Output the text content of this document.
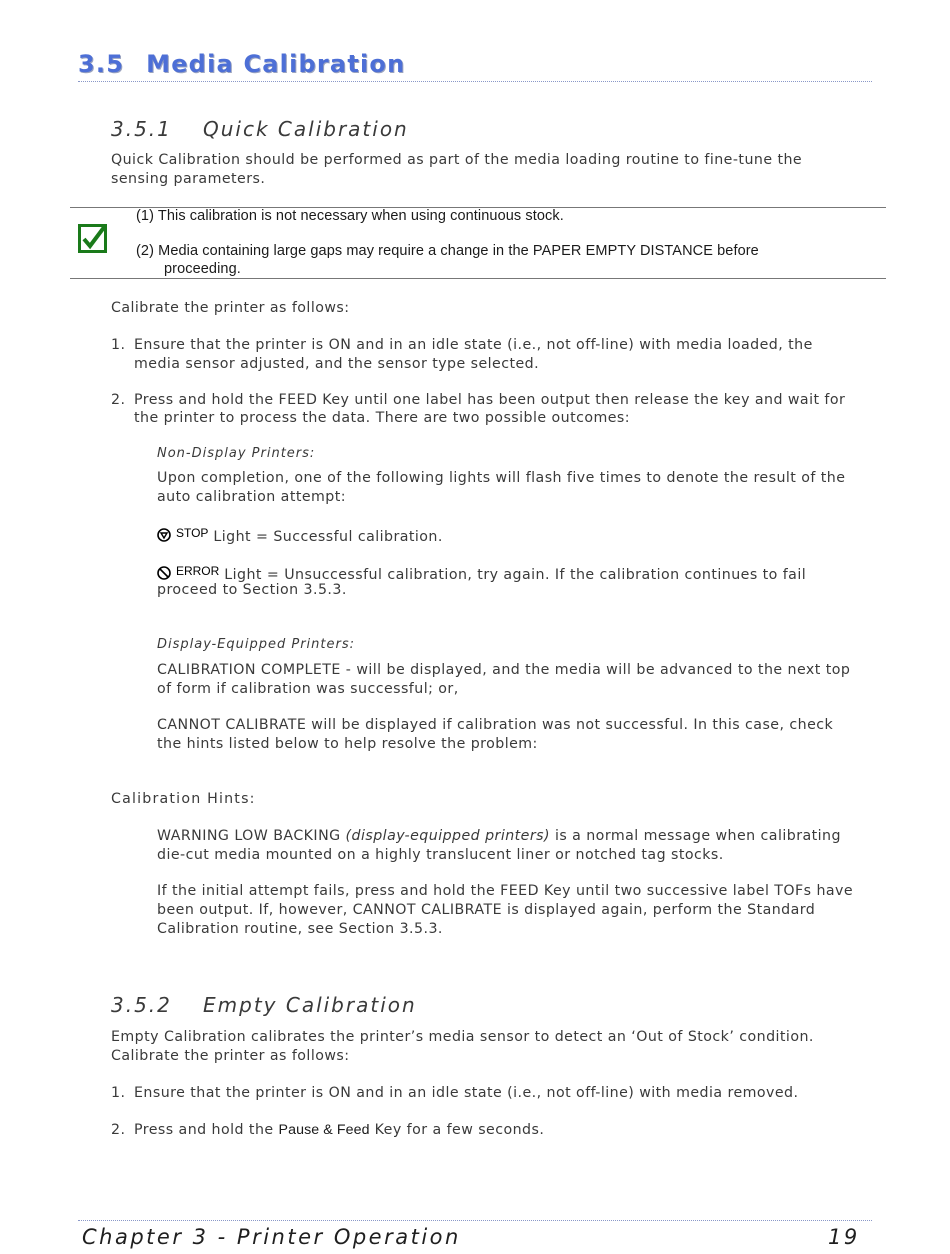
3.5 Media Calibration
3.5.1 Quick Calibration

Quick Calibration should be performed as part of the media loading routine to fine-tune the

sensing parameters.

(1) This calibration is not necessary when using continuous stock.
(2) Media containing large gaps may require a change in the PAPER EMPTY DISTANCE before
proceeding.

Calibrate the printer as follows:

1. Ensure that the printer is ON and in an idle state (i.e., not off-line) with media loaded, the

media sensor adjusted, and the sensor type selected.

2. Press and hold the FEED Key until one label has been output then release the key and wait for

the printer to process the data. There are two possible outcomes:

Non-Display Printers:

Upon completion, one of the following lights will flash five times to denote the result of the

auto calibration attempt:

$^{STOP}$ Light = Successful calibration.
$^{ERROR}$ Light = Unsuccessful calibration, try again. If the calibration continues to fail

proceed to Section 3.5.3.

Display-Equipped Printers:

CALIBRATION COMPLETE - will be displayed, and the media will be advanced to the next top

of form if calibration was successful; or,

CANNOT CALIBRATE will be displayed if calibration was not successful. In this case, check

the hints listed below to help resolve the problem:

Calibration Hints:

WARNING LOW BACKING (display-equipped printers) is a normal message when calibrating

die-cut media mounted on a highly translucent liner or notched tag stocks.

If the initial attempt fails, press and hold the FEED Key until two successive label TOFs have

been output. If, however, CANNOT CALIBRATE is displayed again, perform the Standard

Calibration routine, see Section 3.5.3.

3.5.2 Empty Calibration

Empty Calibration calibrates the printer’s media sensor to detect an ‘Out of Stock’ condition.

Calibrate the printer as follows:

1. Ensure that the printer is ON and in an idle state (i.e., not off-line) with media removed.

2. Press and hold the Pause & Feed Key for a few seconds.

Chapter 3 - Printer Operation	19
